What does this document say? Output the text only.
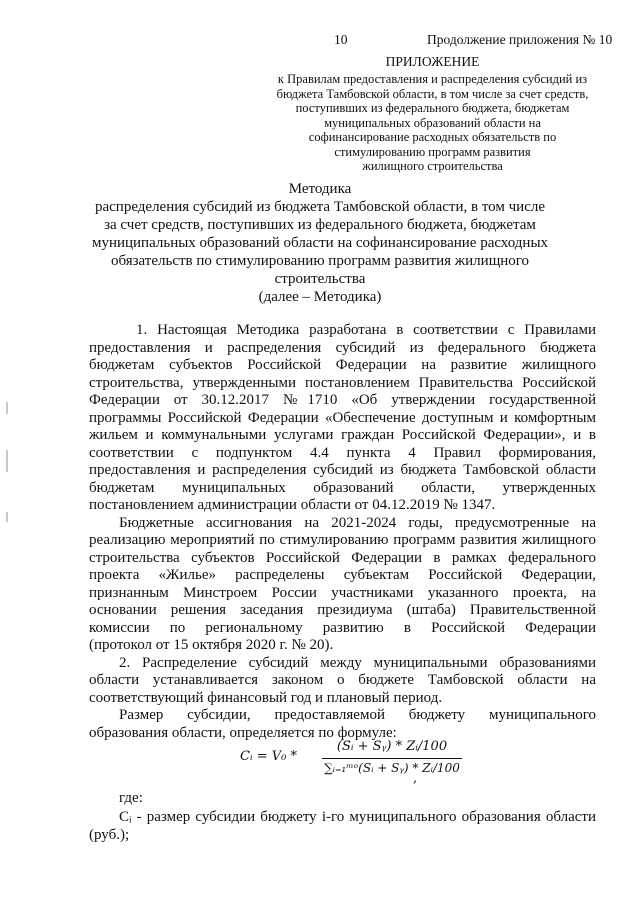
10	Продолжение приложения № 10
ПРИЛОЖЕНИЕ
к Правилам предоставления и распределения субсидий из
бюджета Тамбовской области, в том числе за счет средств,
поступивших из федерального бюджета, бюджетам
муниципальных образований области на
софинансирование расходных обязательств по
стимулированию программ развития
жилищного строительства
Методика
распределения субсидий из бюджета Тамбовской области, в том числе
за счет средств, поступивших из федерального бюджета, бюджетам
муниципальных образований области на софинансирование расходных
обязательств по стимулированию программ развития жилищного
строительства
(далее – Методика)
1. Настоящая Методика разработана в соответствии с Правилами
предоставления и распределения субсидий из федерального бюджета
бюджетам субъектов Российской Федерации на развитие жилищного
строительства, утвержденными постановлением Правительства Российской
Федерации от 30.12.2017 №1710 «Об утверждении государственной
программы Российской Федерации «Обеспечение доступным и комфортным
жильем и коммунальными услугами граждан Российской Федерации», и в
соответствии с подпунктом 4.4 пункта 4 Правил формирования,
предоставления и распределения субсидий из бюджета Тамбовской области
бюджетам муниципальных образований области, утвержденных
постановлением администрации области от 04.12.2019 № 1347.
Бюджетные ассигнования на 2021-2024 годы, предусмотренные на
реализацию мероприятий по стимулированию программ развития жилищного
строительства субъектов Российской Федерации в рамках федерального
проекта «Жилье» распределены субъектам Российской Федерации,
признанным Минстроем России участниками указанного проекта, на
основании решения заседания президиума (штаба) Правительственной
комиссии по региональному развитию в Российской Федерации
(протокол от 15 октября 2020 г. № 20).
2. Распределение субсидий между муниципальными образованиями
области устанавливается законом о бюджете Тамбовской области на
соответствующий финансовый год и плановый период.
Размер субсидии, предоставляемой бюджету муниципального
образования области, определяется по формуле:
Cᵢ = V₀ *
(Sᵢ + Sᵧ) * Zᵢ/100
∑ᵢ₌₁ᵐᵒ(Sᵢ + Sᵧ) * Zᵢ/100
,
где:
Cᵢ - размер субсидии бюджету i-го муниципального образования области
(руб.);
